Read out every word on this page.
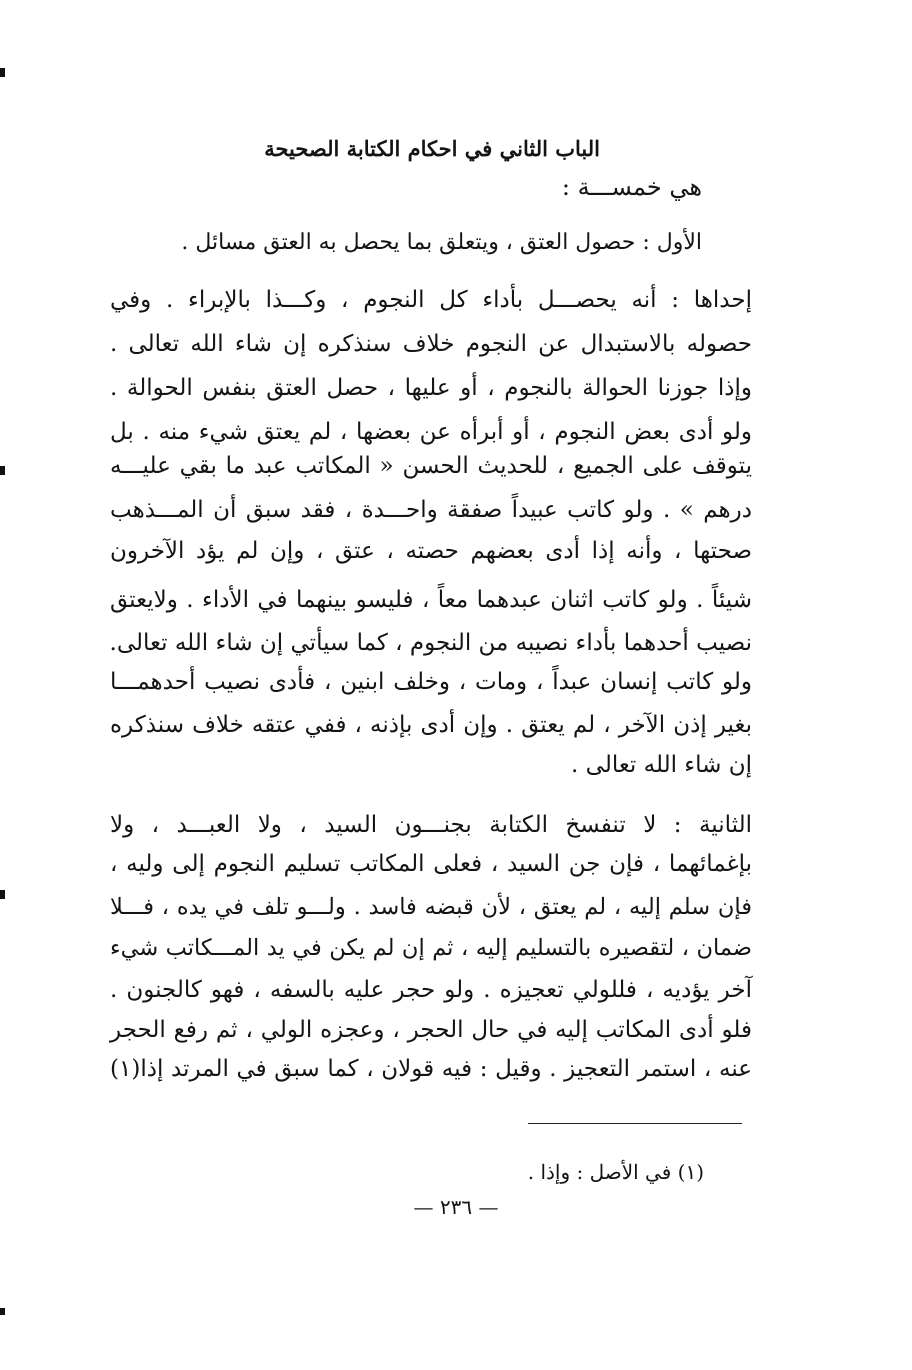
الباب الثاني في احكام الكتابة الصحيحة
هي خمســـة :
الأول : حصول العتق ، ويتعلق بما يحصل به العتق مسائل .
إحداها : أنه يحصـــل بأداء كل النجوم ، وكـــذا بالإبراء . وفي
حصوله بالاستبدال عن النجوم خلاف سنذكره إن شاء الله تعالى .
وإذا جوزنا الحوالة بالنجوم ، أو عليها ، حصل العتق بنفس الحوالة .
ولو أدى بعض النجوم ، أو أبرأه عن بعضها ، لم يعتق شيء منه . بل
يتوقف على الجميع ، للحديث الحسن « المكاتب عبد ما بقي عليـــه
درهم » . ولو كاتب عبيداً صفقة واحـــدة ، فقد سبق أن المـــذهب
صحتها ، وأنه إذا أدى بعضهم حصته ، عتق ، وإن لم يؤد الآخرون
شيئاً . ولو كاتب اثنان عبدهما معاً ، فليسو بينهما في الأداء . ولايعتق
نصيب أحدهما بأداء نصيبه من النجوم ، كما سيأتي إن شاء الله تعالى.
ولو كاتب إنسان عبداً ، ومات ، وخلف ابنين ، فأدى نصيب أحدهمـــا
بغير إذن الآخر ، لم يعتق . وإن أدى بإذنه ، ففي عتقه خلاف سنذكره
إن شاء الله تعالى .
الثانية : لا تنفسخ الكتابة بجنـــون السيد ، ولا العبـــد ، ولا
بإغمائهما ، فإن جن السيد ، فعلى المكاتب تسليم النجوم إلى وليه ،
فإن سلم إليه ، لم يعتق ، لأن قبضه فاسد . ولـــو تلف في يده ، فـــلا
ضمان ، لتقصيره بالتسليم إليه ، ثم إن لم يكن في يد المـــكاتب شيء
آخر يؤديه ، فللولي تعجيزه . ولو حجر عليه بالسفه ، فهو كالجنون .
فلو أدى المكاتب إليه في حال الحجر ، وعجزه الولي ، ثم رفع الحجر
عنه ، استمر التعجيز . وقيل : فيه قولان ، كما سبق في المرتد إذا(١)
(١) في الأصل : وإذا .
— ٢٣٦ —
